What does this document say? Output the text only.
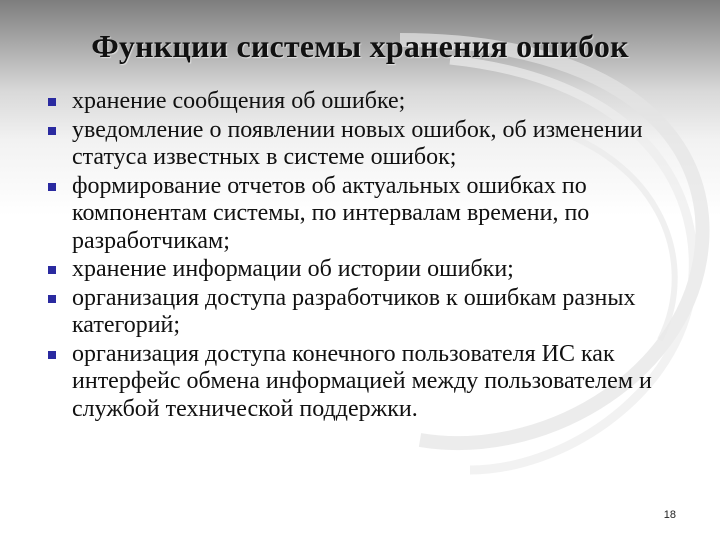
Функции системы хранения ошибок
хранение сообщения об ошибке;
уведомление о появлении новых ошибок, об изменении статуса известных в системе ошибок;
формирование отчетов об актуальных ошибках по компонентам системы, по интервалам времени, по разработчикам;
хранение информации об истории ошибки;
организация доступа разработчиков к ошибкам разных категорий;
организация доступа конечного пользователя ИС как интерфейс обмена информацией между пользователем и службой технической поддержки.
18
